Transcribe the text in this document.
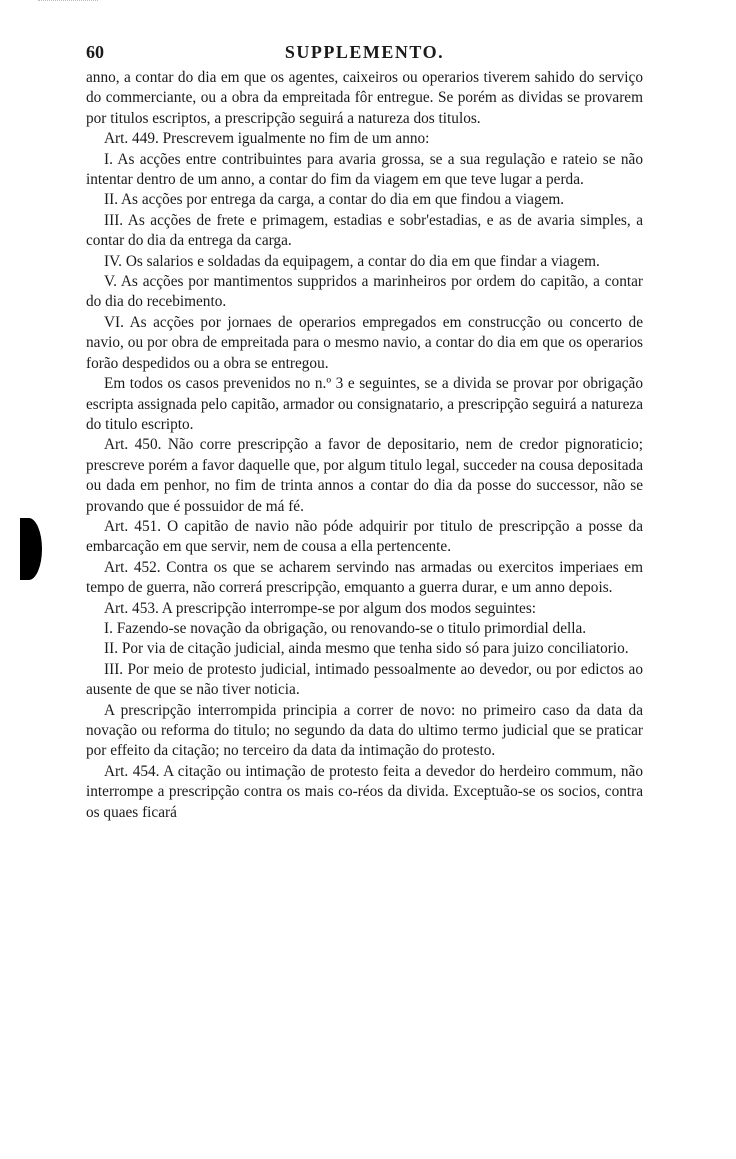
60	SUPPLEMENTO.

anno, a contar do dia em que os agentes, caixeiros ou operarios tiverem sahido do serviço do commerciante, ou a obra da empreitada fôr entregue. Se porém as dividas se provarem por titulos escriptos, a prescripção seguirá a natureza dos titulos.

Art. 449. Prescrevem igualmente no fim de um anno:

I. As acções entre contribuintes para avaria grossa, se a sua regulação e rateio se não intentar dentro de um anno, a contar do fim da viagem em que teve lugar a perda.

II. As acções por entrega da carga, a contar do dia em que findou a viagem.

III. As acções de frete e primagem, estadias e sobr'estadias, e as de avaria simples, a contar do dia da entrega da carga.

IV. Os salarios e soldadas da equipagem, a contar do dia em que findar a viagem.

V. As acções por mantimentos suppridos a marinheiros por ordem do capitão, a contar do dia do recebimento.

VI. As acções por jornaes de operarios empregados em construcção ou concerto de navio, ou por obra de empreitada para o mesmo navio, a contar do dia em que os operarios forão despedidos ou a obra se entregou.

Em todos os casos prevenidos no n.º 3 e seguintes, se a divida se provar por obrigação escripta assignada pelo capitão, armador ou consignatario, a prescripção seguirá a natureza do titulo escripto.

Art. 450. Não corre prescripção a favor de depositario, nem de credor pignoraticio; prescreve porém a favor daquelle que, por algum titulo legal, succeder na cousa depositada ou dada em penhor, no fim de trinta annos a contar do dia da posse do successor, não se provando que é possuidor de má fé.

Art. 451. O capitão de navio não póde adquirir por titulo de prescripção a posse da embarcação em que servir, nem de cousa a ella pertencente.

Art. 452. Contra os que se acharem servindo nas armadas ou exercitos imperiaes em tempo de guerra, não correrá prescripção, emquanto a guerra durar, e um anno depois.

Art. 453. A prescripção interrompe-se por algum dos modos seguintes:

I. Fazendo-se novação da obrigação, ou renovando-se o titulo primordial della.

II. Por via de citação judicial, ainda mesmo que tenha sido só para juizo conciliatorio.

III. Por meio de protesto judicial, intimado pessoalmente ao devedor, ou por edictos ao ausente de que se não tiver noticia.

A prescripção interrompida principia a correr de novo: no primeiro caso da data da novação ou reforma do titulo; no segundo da data do ultimo termo judicial que se praticar por effeito da citação; no terceiro da data da intimação do protesto.

Art. 454. A citação ou intimação de protesto feita a devedor do herdeiro commum, não interrompe a prescripção contra os mais co-réos da divida. Exceptuão-se os socios, contra os quaes ficará
